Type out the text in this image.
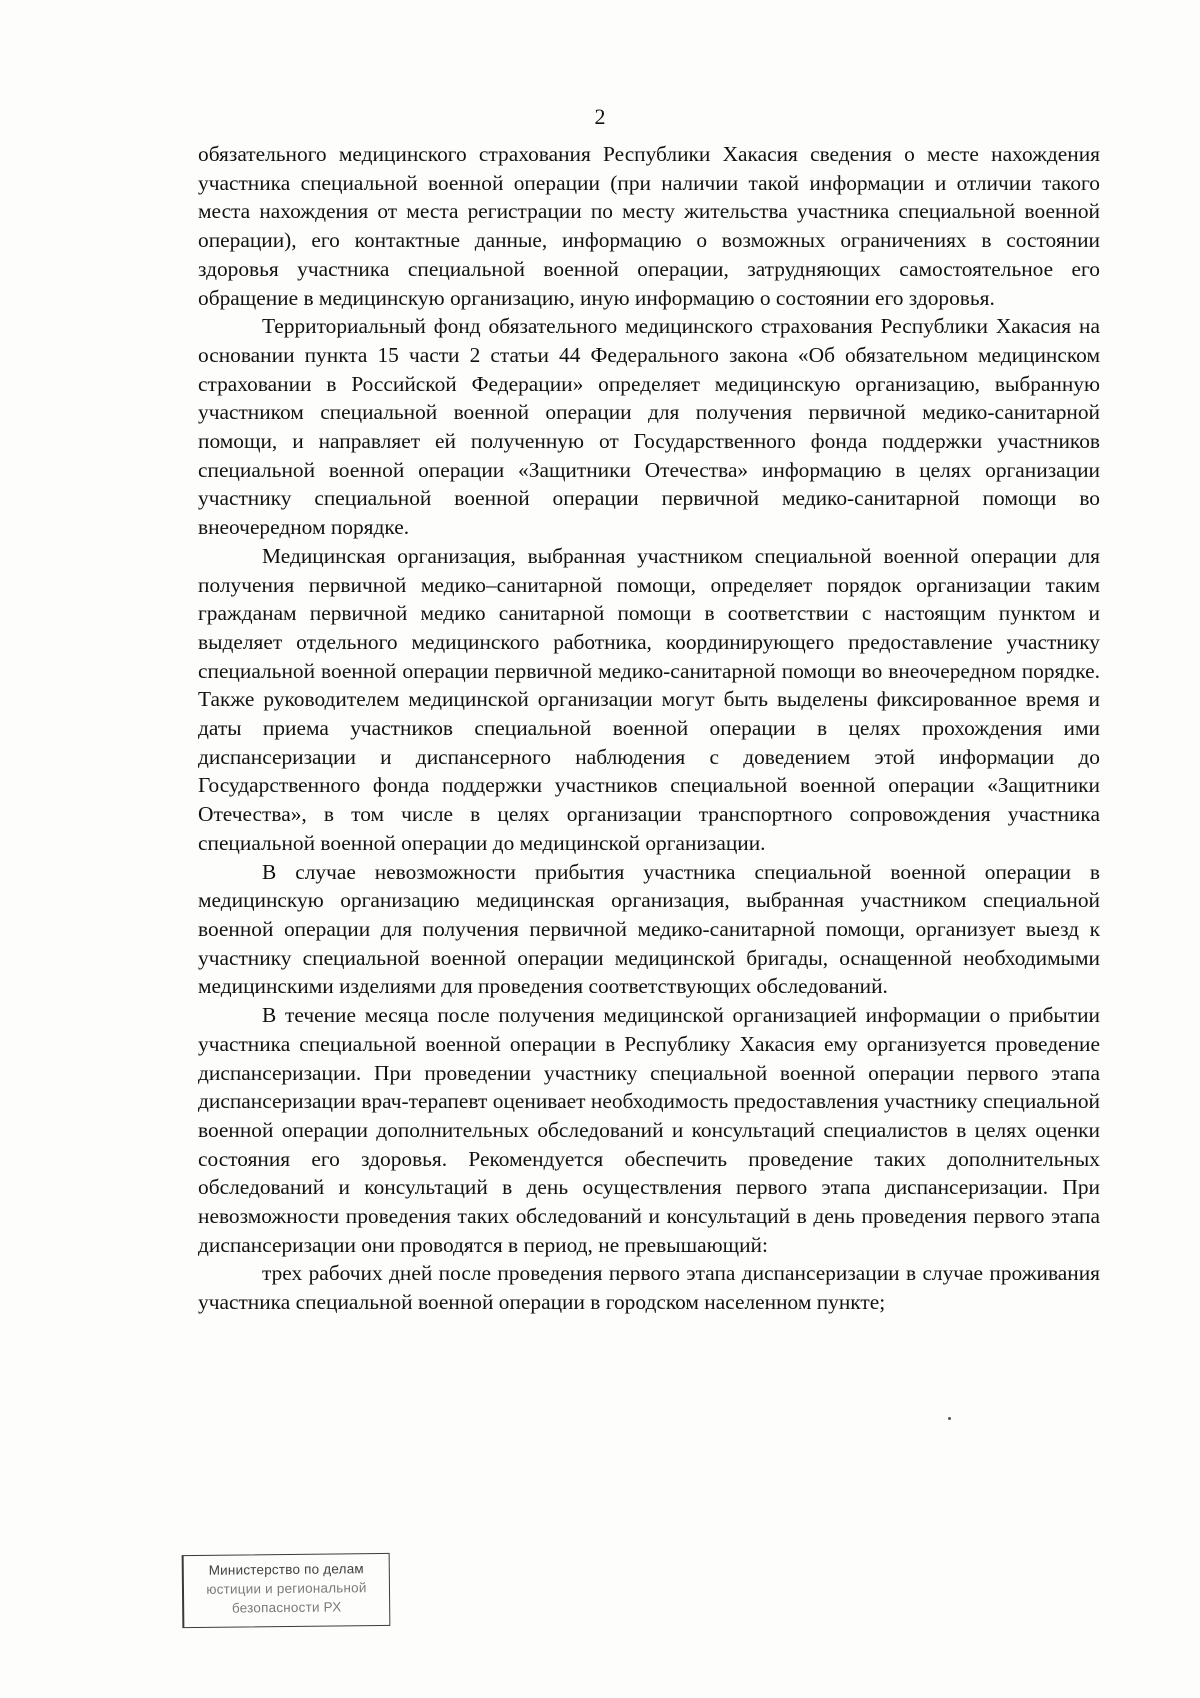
2

обязательного медицинского страхования Республики Хакасия сведения о месте нахождения участника специальной военной операции (при наличии такой информации и отличии такого места нахождения от места регистрации по месту жительства участника специальной военной операции), его контактные данные, информацию о возможных ограничениях в состоянии здоровья участника специальной военной операции, затрудняющих самостоятельное его обращение в медицинскую организацию, иную информацию о состоянии его здоровья.

Территориальный фонд обязательного медицинского страхования Республики Хакасия на основании пункта 15 части 2 статьи 44 Федерального закона «Об обязательном медицинском страховании в Российской Федерации» определяет медицинскую организацию, выбранную участником специальной военной операции для получения первичной медико-санитарной помощи, и направляет ей полученную от Государственного фонда поддержки участников специальной военной операции «Защитники Отечества» информацию в целях организации участнику специальной военной операции первичной медико-санитарной помощи во внеочередном порядке.

Медицинская организация, выбранная участником специальной военной операции для получения первичной медико–санитарной помощи, определяет порядок организации таким гражданам первичной медико санитарной помощи в соответствии с настоящим пунктом и выделяет отдельного медицинского работника, координирующего предоставление участнику специальной военной операции первичной медико-санитарной помощи во внеочередном порядке. Также руководителем медицинской организации могут быть выделены фиксированное время и даты приема участников специальной военной операции в целях прохождения ими диспансеризации и диспансерного наблюдения с доведением этой информации до Государственного фонда поддержки участников специальной военной операции «Защитники Отечества», в том числе в целях организации транспортного сопровождения участника специальной военной операции до медицинской организации.

В случае невозможности прибытия участника специальной военной операции в медицинскую организацию медицинская организация, выбранная участником специальной военной операции для получения первичной медико-санитарной помощи, организует выезд к участнику специальной военной операции медицинской бригады, оснащенной необходимыми медицинскими изделиями для проведения соответствующих обследований.

В течение месяца после получения медицинской организацией информации о прибытии участника специальной военной операции в Республику Хакасия ему организуется проведение диспансеризации. При проведении участнику специальной военной операции первого этапа диспансеризации врач-терапевт оценивает необходимость предоставления участнику специальной военной операции дополнительных обследований и консультаций специалистов в целях оценки состояния его здоровья. Рекомендуется обеспечить проведение таких дополнительных обследований и консультаций в день осуществления первого этапа диспансеризации. При невозможности проведения таких обследований и консультаций в день проведения первого этапа диспансеризации они проводятся в период, не превышающий:

трех рабочих дней после проведения первого этапа диспансеризации в случае проживания участника специальной военной операции в городском населенном пункте;

Министерство по делам
юстиции и региональной
безопасности РХ
